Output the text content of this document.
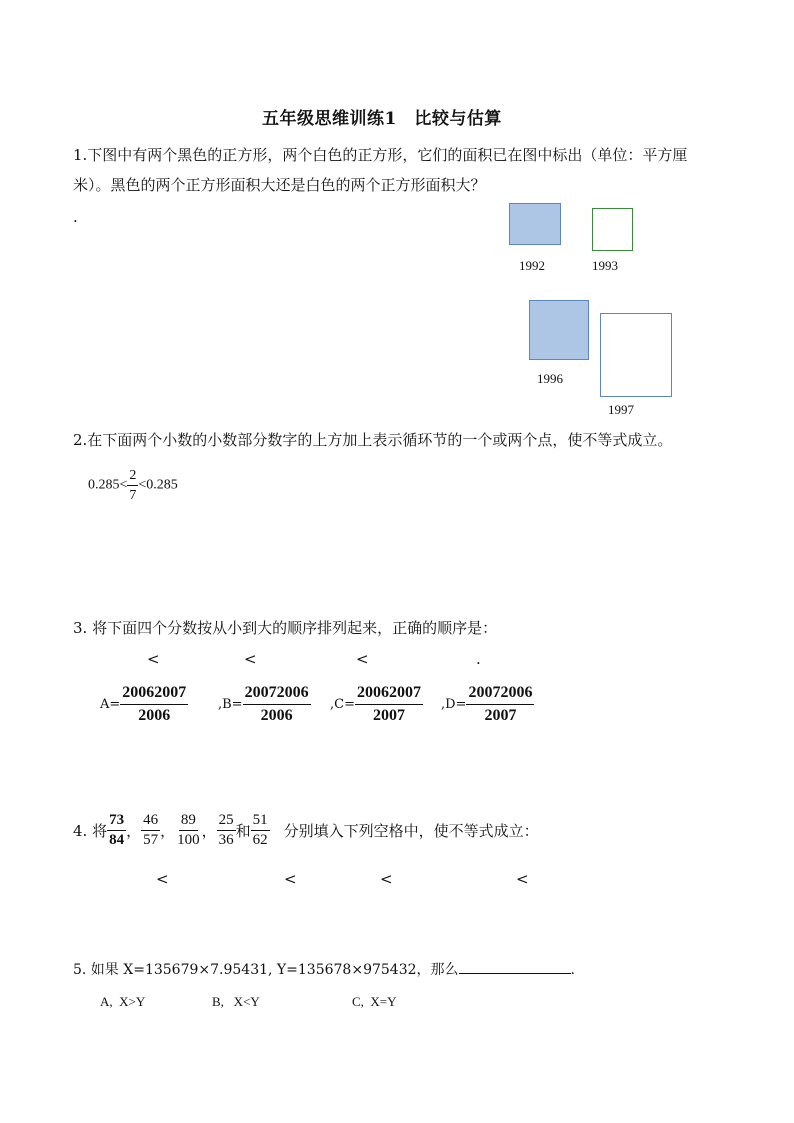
五年级思维训练1　比较与估算
1.下图中有两个黑色的正方形，两个白色的正方形，它们的面积已在图中标出（单位：平方厘
米）。黑色的两个正方形面积大还是白色的两个正方形面积大？
.
1992	1993
1996
1997
2.在下面两个小数的小数部分数字的上方加上表示循环节的一个或两个点，使不等式成立。
$0.285< \frac{2}{7} <0.285$
3. 将下面四个分数按从小到大的顺序排列起来，正确的顺序是：
<	<	<	.
$A= \frac{20062007}{2006} ,B= \frac{20072006}{2006} ,C= \frac{20062007}{2007} ,D= \frac{20072006}{2007}$
4. 将 $\frac{73}{84}$ ， $\frac{46}{57}$ ， $\frac{89}{100}$ ， $\frac{25}{36}$ 和 $\frac{51}{62}$ 分别填入下列空格中，使不等式成立：
<	<	<	<
5. 如果 X=135679×7.95431, Y=135678×975432，那么	.
A,  X>Y	B,   X<Y	C,  X=Y
